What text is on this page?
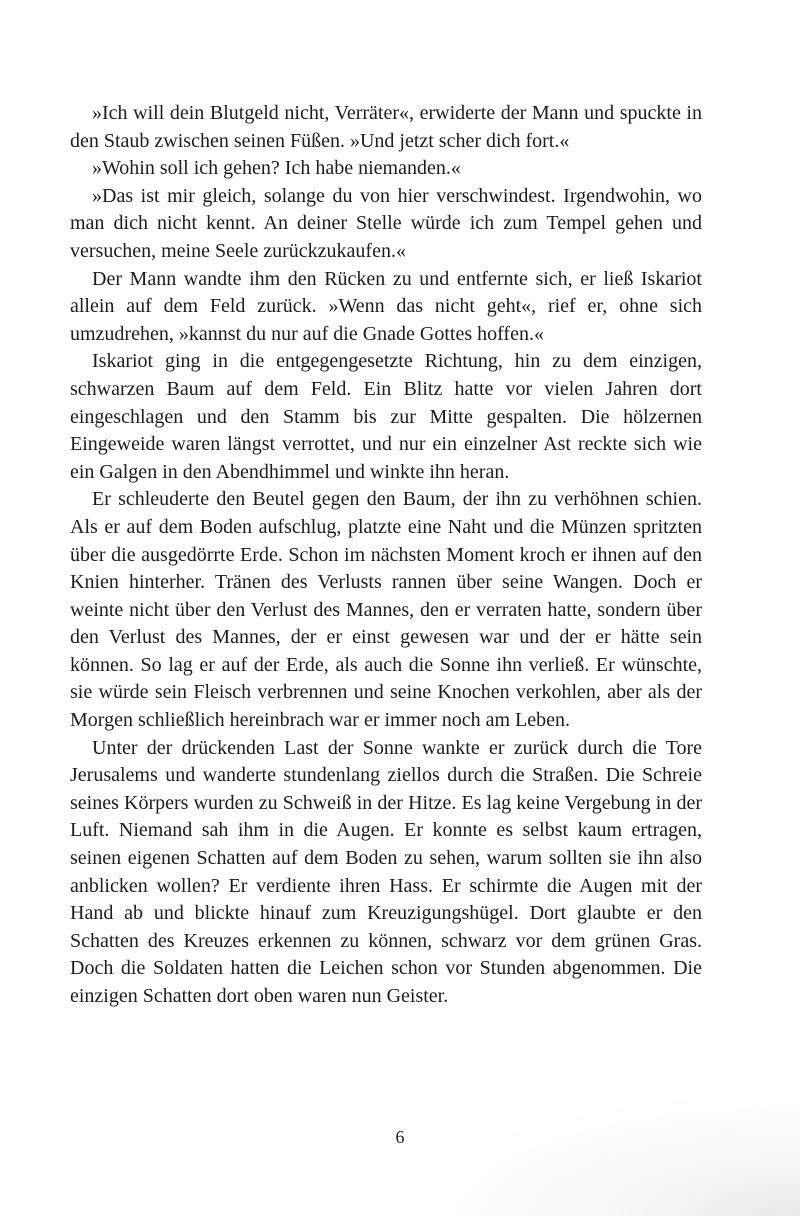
»Ich will dein Blutgeld nicht, Verräter«, erwiderte der Mann und spuckte in den Staub zwischen seinen Füßen. »Und jetzt scher dich fort.«

»Wohin soll ich gehen? Ich habe niemanden.«

»Das ist mir gleich, solange du von hier verschwindest. Irgendwohin, wo man dich nicht kennt. An deiner Stelle würde ich zum Tempel gehen und versuchen, meine Seele zurückzukaufen.«

Der Mann wandte ihm den Rücken zu und entfernte sich, er ließ Iskariot allein auf dem Feld zurück. »Wenn das nicht geht«, rief er, ohne sich umzudrehen, »kannst du nur auf die Gnade Gottes hoffen.«

Iskariot ging in die entgegengesetzte Richtung, hin zu dem einzigen, schwarzen Baum auf dem Feld. Ein Blitz hatte vor vielen Jahren dort eingeschlagen und den Stamm bis zur Mitte gespalten. Die hölzernen Eingeweide waren längst verrottet, und nur ein einzelner Ast reckte sich wie ein Galgen in den Abendhimmel und winkte ihn heran.

Er schleuderte den Beutel gegen den Baum, der ihn zu verhöhnen schien. Als er auf dem Boden aufschlug, platzte eine Naht und die Münzen spritzten über die ausgedörrte Erde. Schon im nächsten Moment kroch er ihnen auf den Knien hinterher. Tränen des Verlusts rannen über seine Wangen. Doch er weinte nicht über den Verlust des Mannes, den er verraten hatte, sondern über den Verlust des Mannes, der er einst gewesen war und der er hätte sein können. So lag er auf der Erde, als auch die Sonne ihn verließ. Er wünschte, sie würde sein Fleisch verbrennen und seine Knochen verkohlen, aber als der Morgen schließlich hereinbrach war er immer noch am Leben.

Unter der drückenden Last der Sonne wankte er zurück durch die Tore Jerusalems und wanderte stundenlang ziellos durch die Straßen. Die Schreie seines Körpers wurden zu Schweiß in der Hitze. Es lag keine Vergebung in der Luft. Niemand sah ihm in die Augen. Er konnte es selbst kaum ertragen, seinen eigenen Schatten auf dem Boden zu sehen, warum sollten sie ihn also anblicken wollen? Er verdiente ihren Hass. Er schirmte die Augen mit der Hand ab und blickte hinauf zum Kreuzigungshügel. Dort glaubte er den Schatten des Kreuzes erkennen zu können, schwarz vor dem grünen Gras. Doch die Soldaten hatten die Leichen schon vor Stunden abgenommen. Die einzigen Schatten dort oben waren nun Geister.

6
